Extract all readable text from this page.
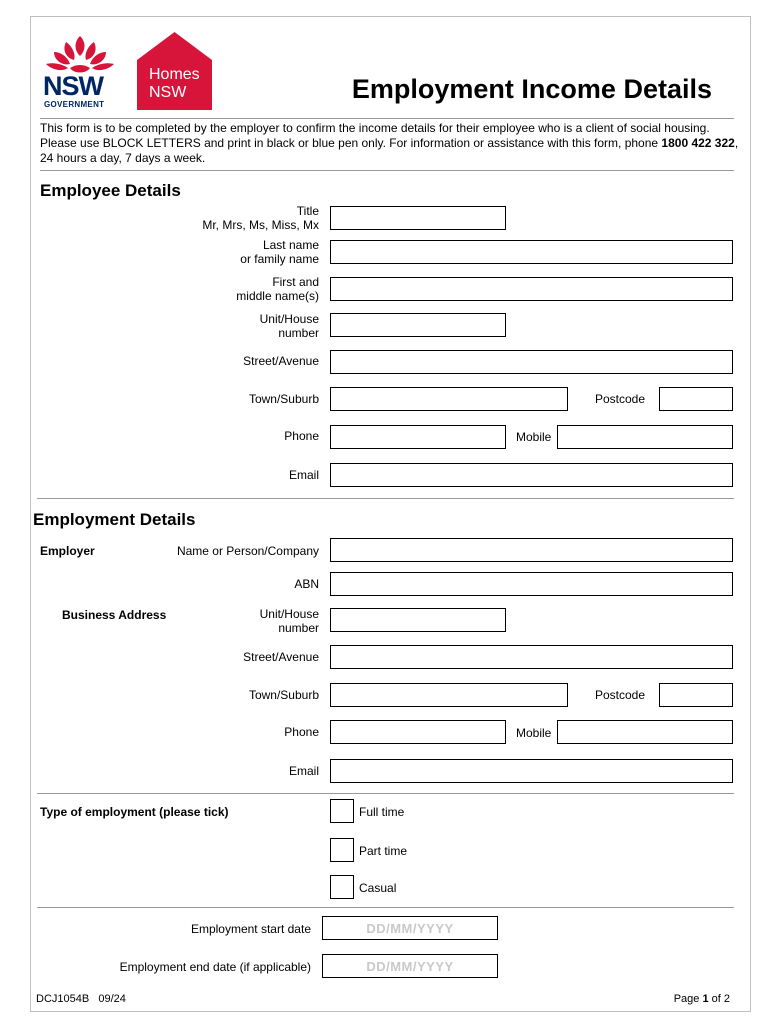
NSW
GOVERNMENT
Homes
NSW	Employment Income Details
This form is to be completed by the employer to confirm the income details for their employee who is a client of social housing. Please use BLOCK LETTERS and print in black or blue pen only. For information or assistance with this form, phone 1800 422 322, 24 hours a day, 7 days a week.
Employee Details
Title
Mr, Mrs, Ms, Miss, Mx
Last name
or family name
First and
middle name(s)
Unit/House
number
Street/Avenue
Town/Suburb	Postcode
Phone	Mobile
Email
Employment Details
Employer	Name or Person/Company
ABN
Business Address	Unit/House
number
Street/Avenue
Town/Suburb	Postcode
Phone	Mobile
Email
Type of employment (please tick)	Full time
Part time
Casual
Employment start date	DD/MM/YYYY
Employment end date (if applicable)	DD/MM/YYYY
DCJ1054B   09/24	Page 1 of 2
